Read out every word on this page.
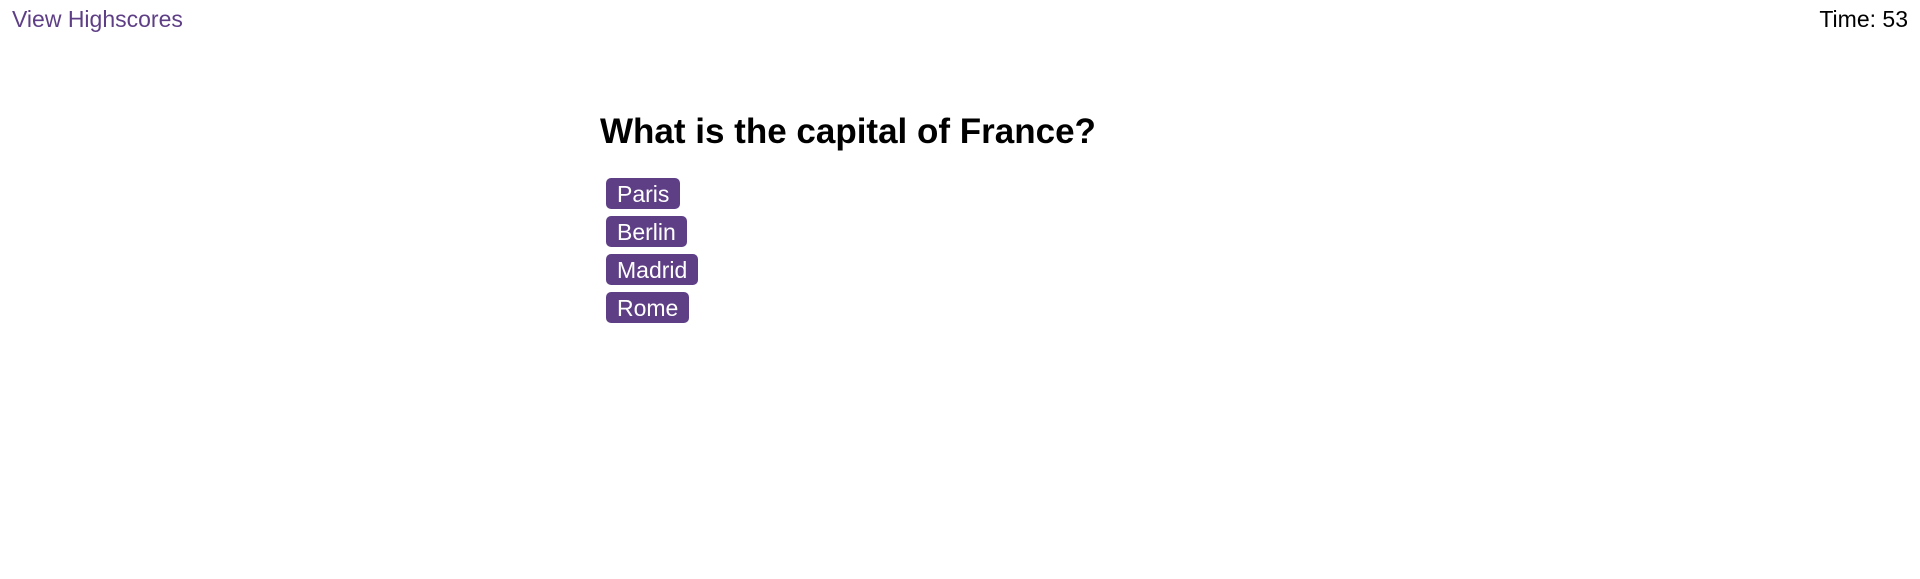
View Highscores	Time: 53
What is the capital of France?
Paris
Berlin
Madrid
Rome
